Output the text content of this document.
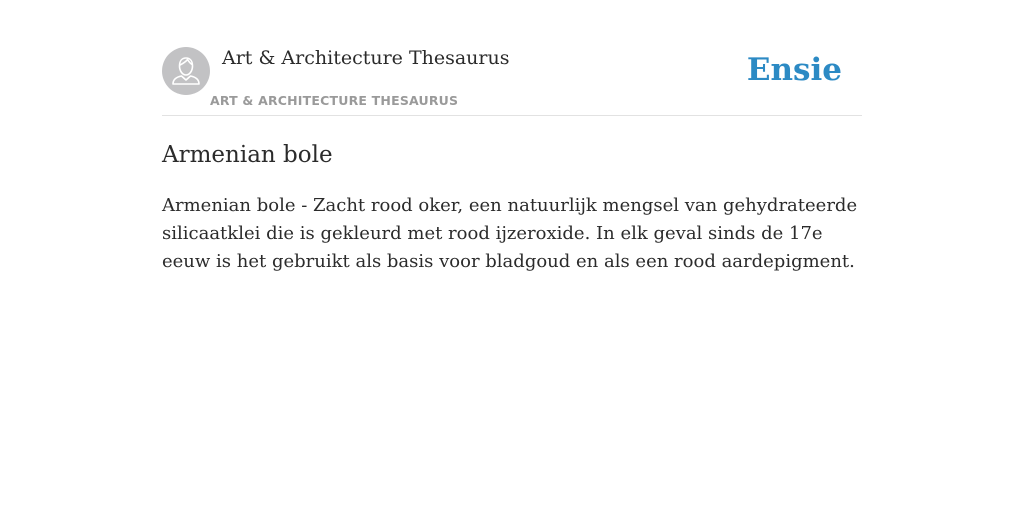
Art & Architecture Thesaurus
ART & ARCHITECTURE THESAURUS
Ensie
Armenian bole

Armenian bole - Zacht rood oker, een natuurlijk mengsel van gehydrateerde silicaatklei die is gekleurd met rood ijzeroxide. In elk geval sinds de 17e eeuw is het gebruikt als basis voor bladgoud en als een rood aardepigment.
